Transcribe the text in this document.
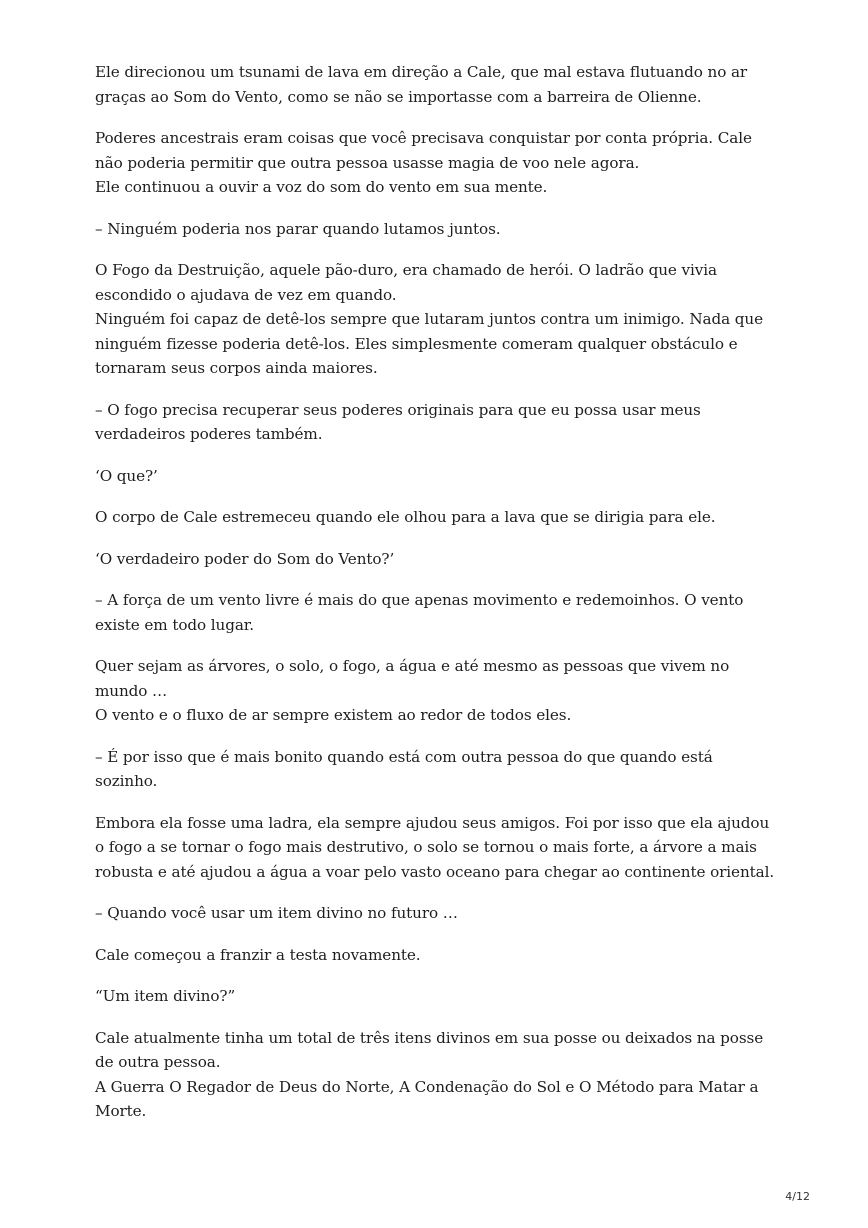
Ele direcionou um tsunami de lava em direção a Cale, que mal estava flutuando no ar
graças ao Som do Vento, como se não se importasse com a barreira de Olienne.

Poderes ancestrais eram coisas que você precisava conquistar por conta própria. Cale
não poderia permitir que outra pessoa usasse magia de voo nele agora.
Ele continuou a ouvir a voz do som do vento em sua mente.

– Ninguém poderia nos parar quando lutamos juntos.

O Fogo da Destruição, aquele pão-duro, era chamado de herói. O ladrão que vivia
escondido o ajudava de vez em quando.
Ninguém foi capaz de detê-los sempre que lutaram juntos contra um inimigo. Nada que
ninguém fizesse poderia detê-los. Eles simplesmente comeram qualquer obstáculo e
tornaram seus corpos ainda maiores.

– O fogo precisa recuperar seus poderes originais para que eu possa usar meus
verdadeiros poderes também.

‘O que?’

O corpo de Cale estremeceu quando ele olhou para a lava que se dirigia para ele.

‘O verdadeiro poder do Som do Vento?’

– A força de um vento livre é mais do que apenas movimento e redemoinhos. O vento
existe em todo lugar.

Quer sejam as árvores, o solo, o fogo, a água e até mesmo as pessoas que vivem no
mundo …
O vento e o fluxo de ar sempre existem ao redor de todos eles.

– É por isso que é mais bonito quando está com outra pessoa do que quando está
sozinho.

Embora ela fosse uma ladra, ela sempre ajudou seus amigos. Foi por isso que ela ajudou
o fogo a se tornar o fogo mais destrutivo, o solo se tornou o mais forte, a árvore a mais
robusta e até ajudou a água a voar pelo vasto oceano para chegar ao continente oriental.

– Quando você usar um item divino no futuro …

Cale começou a franzir a testa novamente.

“Um item divino?”

Cale atualmente tinha um total de três itens divinos em sua posse ou deixados na posse
de outra pessoa.
A Guerra O Regador de Deus do Norte, A Condenação do Sol e O Método para Matar a
Morte.

4/12
